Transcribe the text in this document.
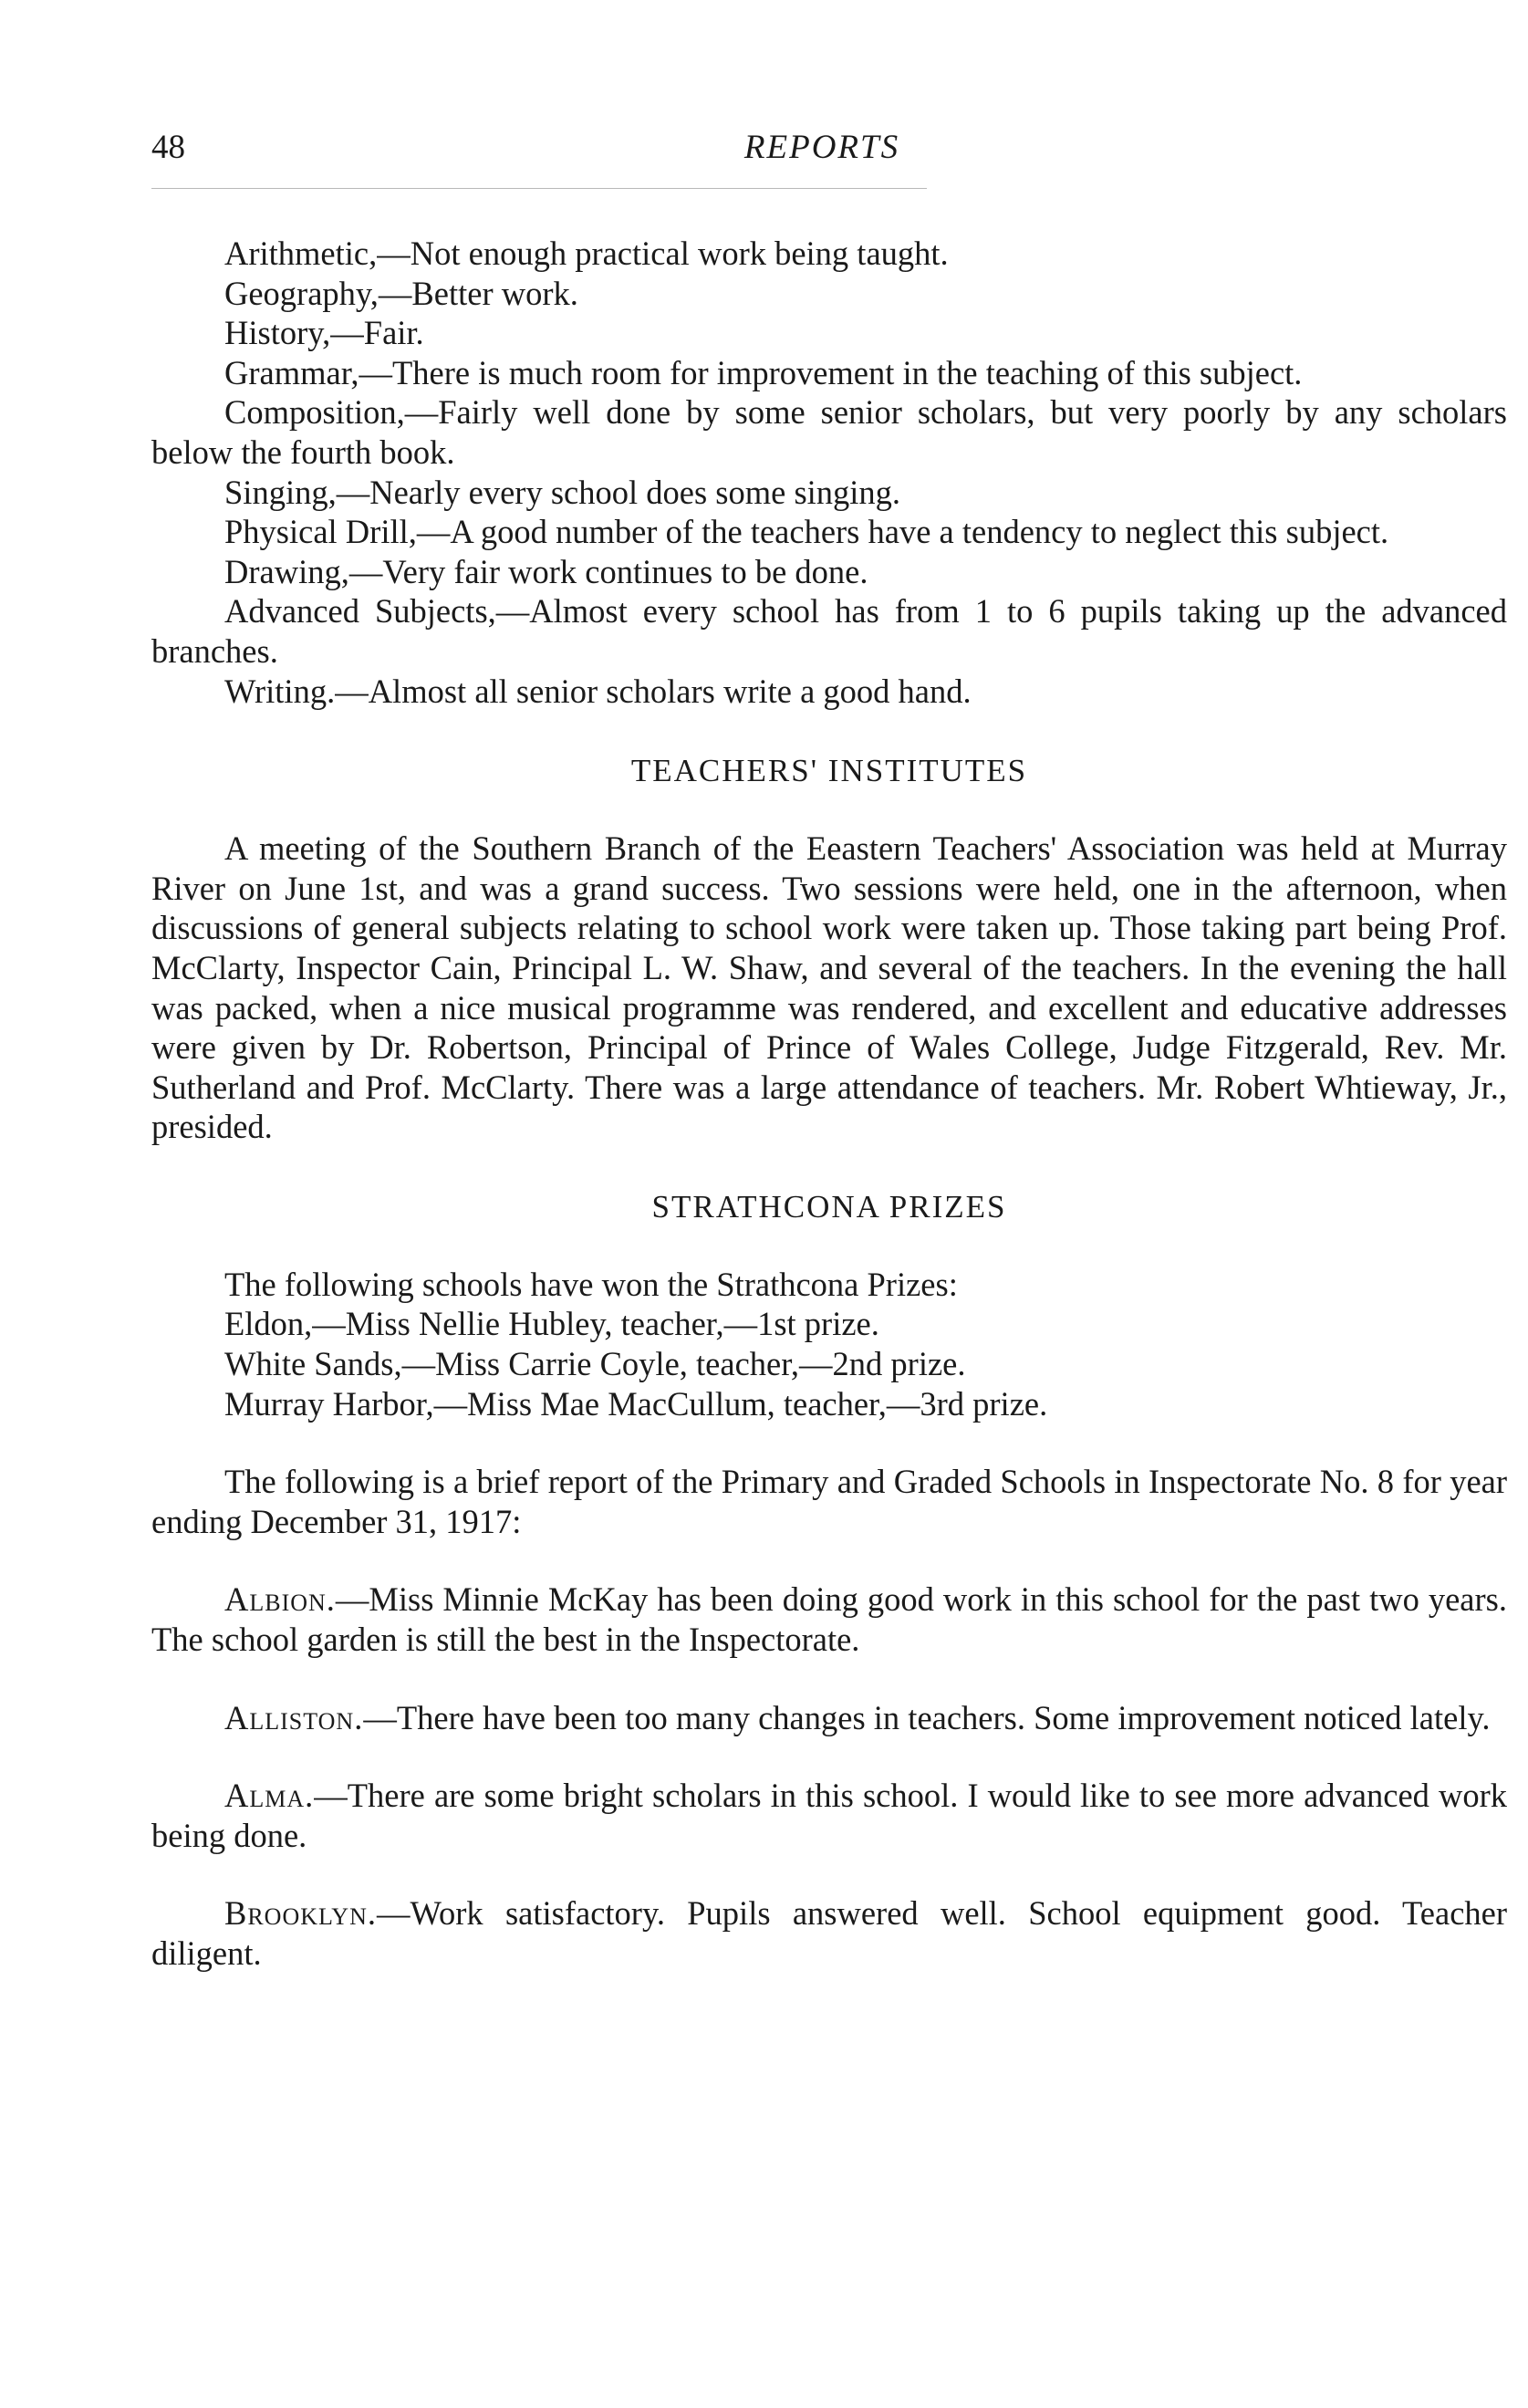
48	REPORTS

Arithmetic,—Not enough practical work being taught.

Geography,—Better work.

History,—Fair.

Grammar,—There is much room for improvement in the teaching of this subject.

Composition,—Fairly well done by some senior scholars, but very poorly by any scholars below the fourth book.

Singing,—Nearly every school does some singing.

Physical Drill,—A good number of the teachers have a tendency to neglect this subject.

Drawing,—Very fair work continues to be done.

Advanced Subjects,—Almost every school has from 1 to 6 pupils taking up the advanced branches.

Writing.—Almost all senior scholars write a good hand.

TEACHERS' INSTITUTES

A meeting of the Southern Branch of the Eeastern Teachers' Association was held at Murray River on June 1st, and was a grand success. Two sessions were held, one in the afternoon, when discussions of general subjects relating to school work were taken up. Those taking part being Prof. McClarty, Inspector Cain, Principal L. W. Shaw, and several of the teachers. In the evening the hall was packed, when a nice musical programme was rendered, and excellent and educative addresses were given by Dr. Robertson, Principal of Prince of Wales College, Judge Fitzgerald, Rev. Mr. Sutherland and Prof. McClarty. There was a large attendance of teachers. Mr. Robert Whtieway, Jr., presided.

STRATHCONA PRIZES

The following schools have won the Strathcona Prizes:

Eldon,—Miss Nellie Hubley, teacher,—1st prize.

White Sands,—Miss Carrie Coyle, teacher,—2nd prize.

Murray Harbor,—Miss Mae MacCullum, teacher,—3rd prize.

The following is a brief report of the Primary and Graded Schools in Inspectorate No. 8 for year ending December 31, 1917:

Albion.—Miss Minnie McKay has been doing good work in this school for the past two years. The school garden is still the best in the Inspectorate.

Alliston.—There have been too many changes in teachers. Some improvement noticed lately.

Alma.—There are some bright scholars in this school. I would like to see more advanced work being done.

Brooklyn.—Work satisfactory. Pupils answered well. School equipment good. Teacher diligent.
